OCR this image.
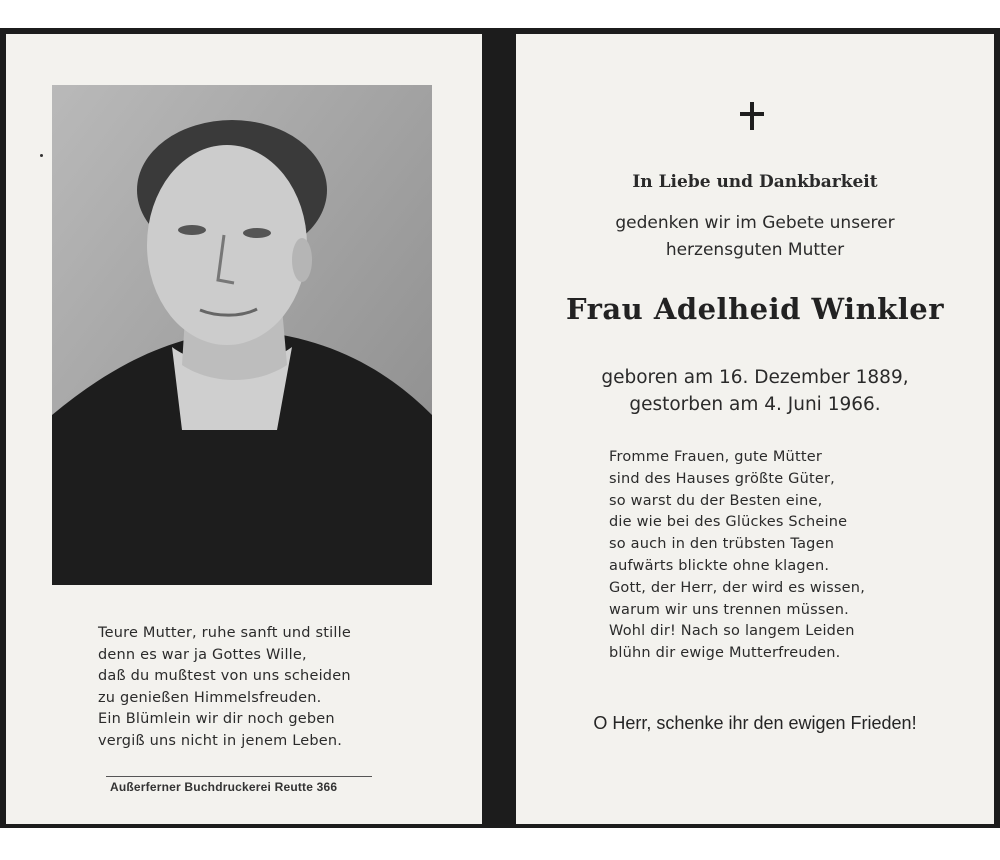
Teure Mutter, ruhe sanft und stille
denn es war ja Gottes Wille,
daß du mußtest von uns scheiden
zu genießen Himmelsfreuden.
Ein Blümlein wir dir noch geben
vergiß uns nicht in jenem Leben.
Außerferner Buchdruckerei Reutte 366
In Liebe und Dankbarkeit
gedenken wir im Gebete unserer
herzensguten Mutter
Frau Adelheid Winkler
geboren am 16. Dezember 1889,
gestorben am 4. Juni 1966.
Fromme Frauen, gute Mütter
sind des Hauses größte Güter,
so warst du der Besten eine,
die wie bei des Glückes Scheine
so auch in den trübsten Tagen
aufwärts blickte ohne klagen.
Gott, der Herr, der wird es wissen,
warum wir uns trennen müssen.
Wohl dir! Nach so langem Leiden
blühn dir ewige Mutterfreuden.
O Herr, schenke ihr den ewigen Frieden!
